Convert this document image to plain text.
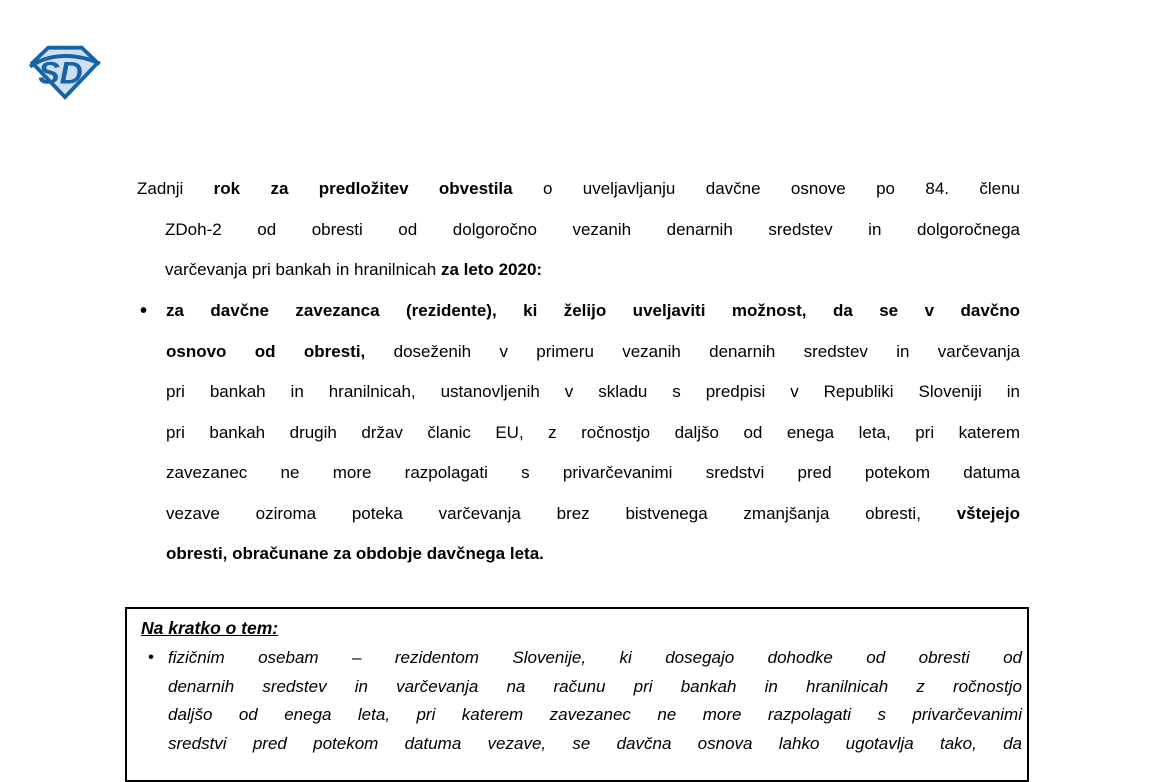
SD
Zadnji rok za predložitev obvestila o uveljavljanju davčne osnove po 84. členu
ZDoh-2 od obresti od dolgoročno vezanih denarnih sredstev in dolgoročnega
varčevanja pri bankah in hranilnicah za leto 2020:
• za davčne zavezanca (rezidente), ki želijo uveljaviti možnost, da se v davčno
osnovo od obresti, doseženih v primeru vezanih denarnih sredstev in varčevanja
pri bankah in hranilnicah, ustanovljenih v skladu s predpisi v Republiki Sloveniji in
pri bankah drugih držav članic EU, z ročnostjo daljšo od enega leta, pri katerem
zavezanec ne more razpolagati s privarčevanimi sredstvi pred potekom datuma
vezave oziroma poteka varčevanja brez bistvenega zmanjšanja obresti, vštejejo
obresti, obračunane za obdobje davčnega leta.
Na kratko o tem:
• fizičnim osebam – rezidentom Slovenije, ki dosegajo dohodke od obresti od
denarnih sredstev in varčevanja na računu pri bankah in hranilnicah z ročnostjo
daljšo od enega leta, pri katerem zavezanec ne more razpolagati s privarčevanimi
sredstvi pred potekom datuma vezave, se davčna osnova lahko ugotavlja tako, da
